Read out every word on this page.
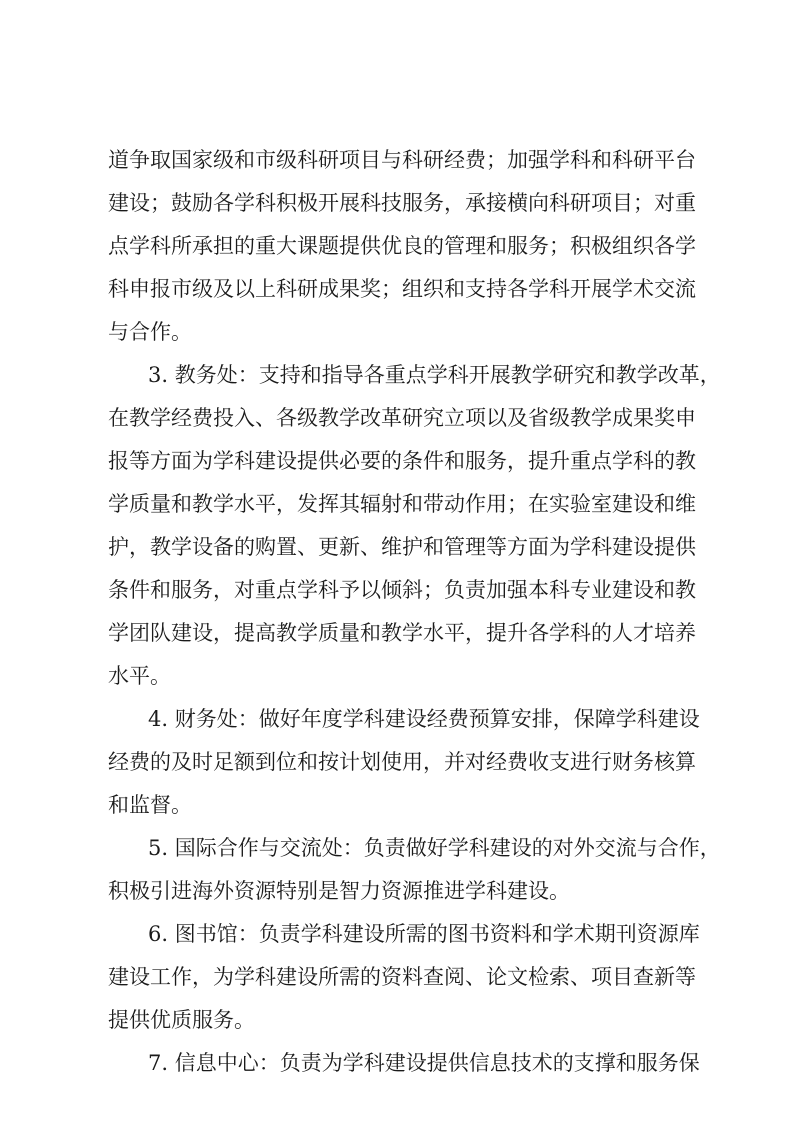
道争取国家级和市级科研项目与科研经费；加强学科和科研平台
建设；鼓励各学科积极开展科技服务，承接横向科研项目；对重
点学科所承担的重大课题提供优良的管理和服务；积极组织各学
科申报市级及以上科研成果奖；组织和支持各学科开展学术交流
与合作。
3. 教务处：支持和指导各重点学科开展教学研究和教学改革，
在教学经费投入、各级教学改革研究立项以及省级教学成果奖申
报等方面为学科建设提供必要的条件和服务，提升重点学科的教
学质量和教学水平，发挥其辐射和带动作用；在实验室建设和维
护，教学设备的购置、更新、维护和管理等方面为学科建设提供
条件和服务，对重点学科予以倾斜；负责加强本科专业建设和教
学团队建设，提高教学质量和教学水平，提升各学科的人才培养
水平。
4. 财务处：做好年度学科建设经费预算安排，保障学科建设
经费的及时足额到位和按计划使用，并对经费收支进行财务核算
和监督。
5. 国际合作与交流处：负责做好学科建设的对外交流与合作，
积极引进海外资源特别是智力资源推进学科建设。
6. 图书馆：负责学科建设所需的图书资料和学术期刊资源库
建设工作，为学科建设所需的资料查阅、论文检索、项目查新等
提供优质服务。
7. 信息中心：负责为学科建设提供信息技术的支撑和服务保
